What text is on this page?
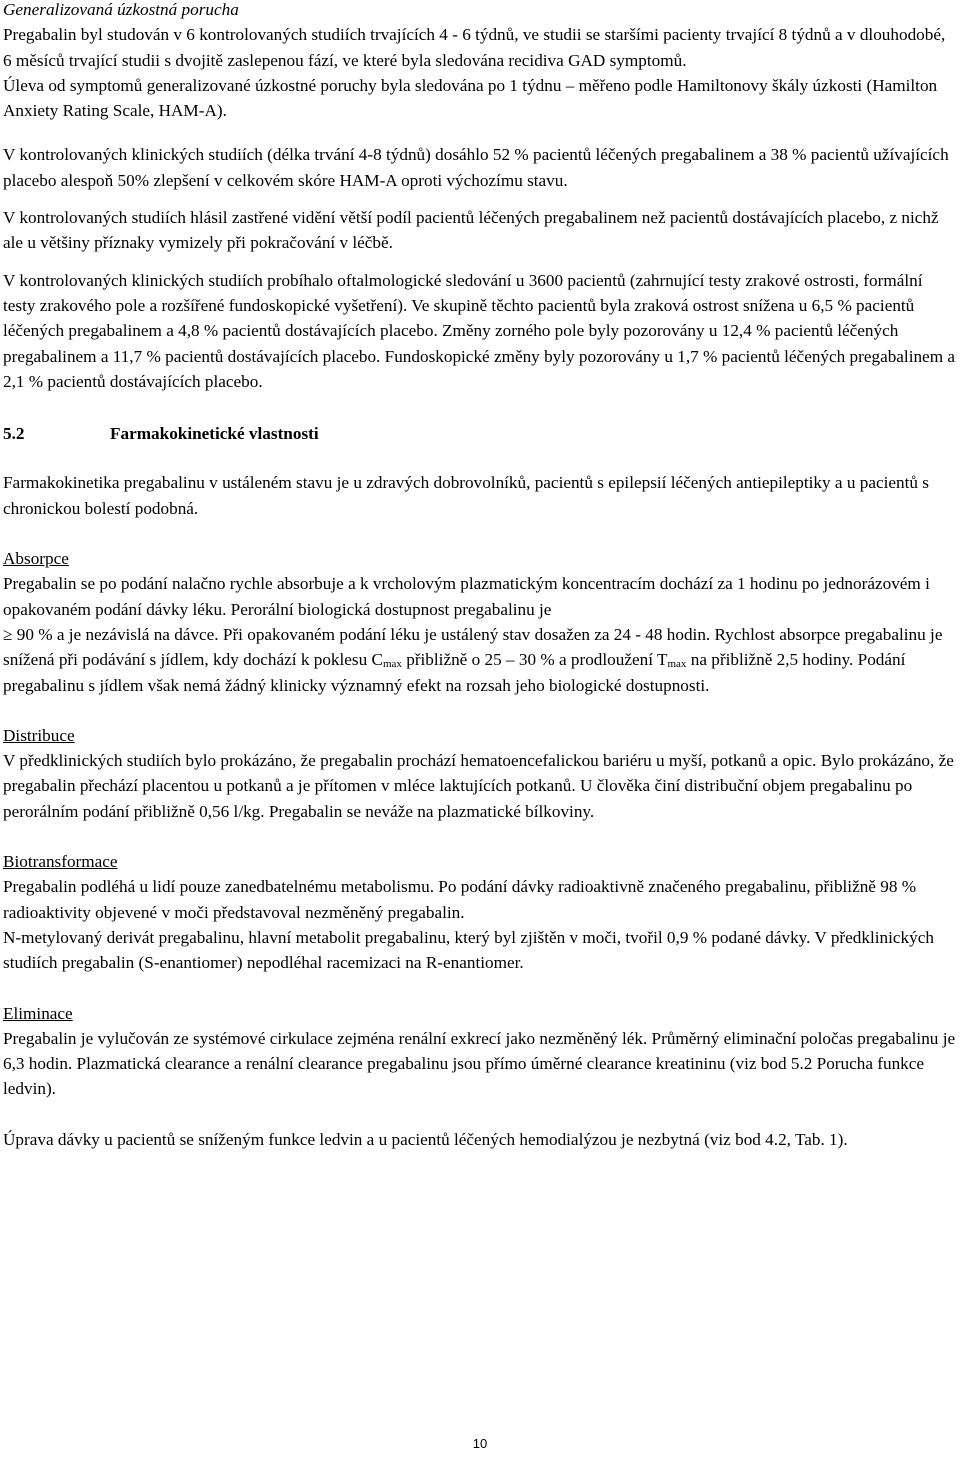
Generalizovaná úzkostná porucha

Pregabalin byl studován v 6 kontrolovaných studiích trvajících 4 - 6 týdnů, ve studii se staršími pacienty trvající 8 týdnů a v dlouhodobé, 6 měsíců trvající studii s dvojitě zaslepenou fází, ve které byla sledována recidiva GAD symptomů.

Úleva od symptomů generalizované úzkostné poruchy byla sledována po 1 týdnu – měřeno podle Hamiltonovy škály úzkosti (Hamilton Anxiety Rating Scale, HAM-A).

V kontrolovaných klinických studiích (délka trvání 4-8 týdnů) dosáhlo 52 % pacientů léčených pregabalinem a 38 % pacientů užívajících placebo alespoň 50% zlepšení v celkovém skóre HAM-A oproti výchozímu stavu.

V kontrolovaných studiích hlásil zastřené vidění větší podíl pacientů léčených pregabalinem než pacientů dostávajících placebo, z nichž ale u většiny příznaky vymizely při pokračování v léčbě.

V kontrolovaných klinických studiích probíhalo oftalmologické sledování u 3600 pacientů (zahrnující testy zrakové ostrosti, formální testy zrakového pole a rozšířené fundoskopické vyšetření). Ve skupině těchto pacientů byla zraková ostrost snížena u 6,5 % pacientů léčených pregabalinem a 4,8 % pacientů dostávajících placebo. Změny zorného pole byly pozorovány u 12,4 % pacientů léčených pregabalinem a 11,7 % pacientů dostávajících placebo. Fundoskopické změny byly pozorovány u 1,7 % pacientů léčených pregabalinem a 2,1 % pacientů dostávajících placebo.

5.2	Farmakokinetické vlastnosti

Farmakokinetika pregabalinu v ustáleném stavu je u zdravých dobrovolníků, pacientů s epilepsií léčených antiepileptiky a u pacientů s chronickou bolestí podobná.

Absorpce

Pregabalin se po podání nalačno rychle absorbuje a k vrcholovým plazmatickým koncentracím dochází za 1 hodinu po jednorázovém i opakovaném podání dávky léku. Perorální biologická dostupnost pregabalinu je
≥ 90 % a je nezávislá na dávce. Při opakovaném podání léku je ustálený stav dosažen za 24 - 48 hodin. Rychlost absorpce pregabalinu je snížená při podávání s jídlem, kdy dochází k poklesu $C_{max}$ přibližně o 25 – 30 % a prodloužení $T_{max}$ na přibližně 2,5 hodiny. Podání pregabalinu s jídlem však nemá žádný klinicky významný efekt na rozsah jeho biologické dostupnosti.

Distribuce

V předklinických studiích bylo prokázáno, že pregabalin prochází hematoencefalickou bariéru u myší, potkanů a opic. Bylo prokázáno, že pregabalin přechází placentou u potkanů a je přítomen v mléce laktujících potkanů. U člověka činí distribuční objem pregabalinu po perorálním podání přibližně 0,56 l/kg. Pregabalin se neváže na plazmatické bílkoviny.

Biotransformace

Pregabalin podléhá u lidí pouze zanedbatelnému metabolismu. Po podání dávky radioaktivně značeného pregabalinu, přibližně 98 % radioaktivity objevené v moči představoval nezměněný pregabalin.

N-metylovaný derivát pregabalinu, hlavní metabolit pregabalinu, který byl zjištěn v moči, tvořil 0,9 % podané dávky. V předklinických studiích pregabalin (S-enantiomer) nepodléhal racemizaci na R-enantiomer.

Eliminace

Pregabalin je vylučován ze systémové cirkulace zejména renální exkrecí jako nezměněný lék. Průměrný eliminační poločas pregabalinu je 6,3 hodin. Plazmatická clearance a renální clearance pregabalinu jsou přímo úměrné clearance kreatininu (viz bod 5.2 Porucha funkce ledvin).

Úprava dávky u pacientů se sníženým funkce ledvin a u pacientů léčených hemodialýzou je nezbytná (viz bod 4.2, Tab. 1).

10
